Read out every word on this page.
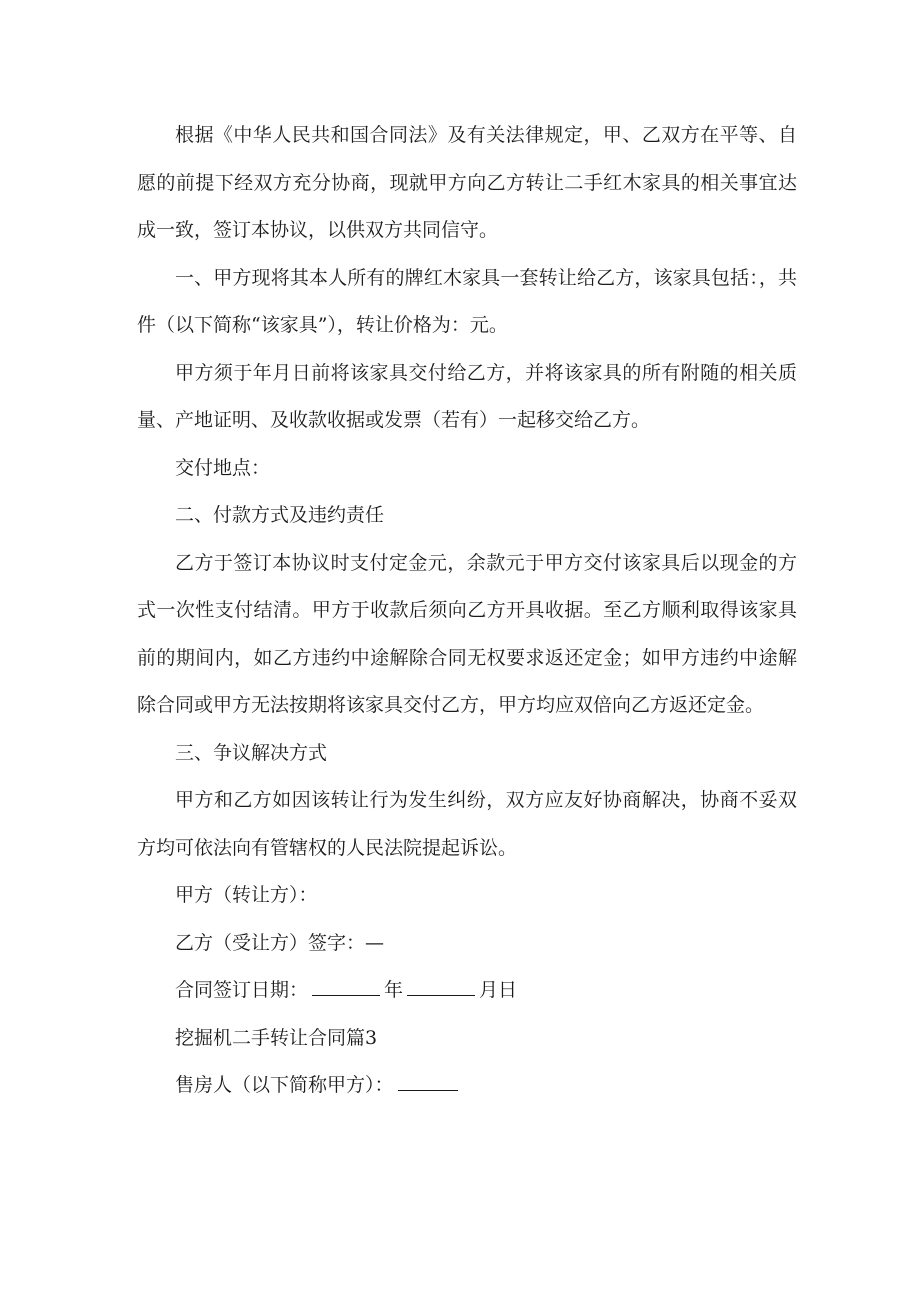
根据《中华人民共和国合同法》及有关法律规定，甲、乙双方在平等、自愿的前提下经双方充分协商，现就甲方向乙方转让二手红木家具的相关事宜达成一致，签订本协议，以供双方共同信守。

一、甲方现将其本人所有的牌红木家具一套转让给乙方，该家具包括：，共件（以下简称“该家具”），转让价格为：元。

甲方须于年月日前将该家具交付给乙方，并将该家具的所有附随的相关质量、产地证明、及收款收据或发票（若有）一起移交给乙方。

交付地点：

二、付款方式及违约责任

乙方于签订本协议时支付定金元，余款元于甲方交付该家具后以现金的方式一次性支付结清。甲方于收款后须向乙方开具收据。至乙方顺利取得该家具前的期间内，如乙方违约中途解除合同无权要求返还定金；如甲方违约中途解除合同或甲方无法按期将该家具交付乙方，甲方均应双倍向乙方返还定金。

三、争议解决方式

甲方和乙方如因该转让行为发生纠纷，双方应友好协商解决，协商不妥双方均可依法向有管辖权的人民法院提起诉讼。

甲方（转让方）：

乙方（受让方）签字：—

合同签订日期：	年	月日

挖掘机二手转让合同篇3

售房人（以下简称甲方）：
